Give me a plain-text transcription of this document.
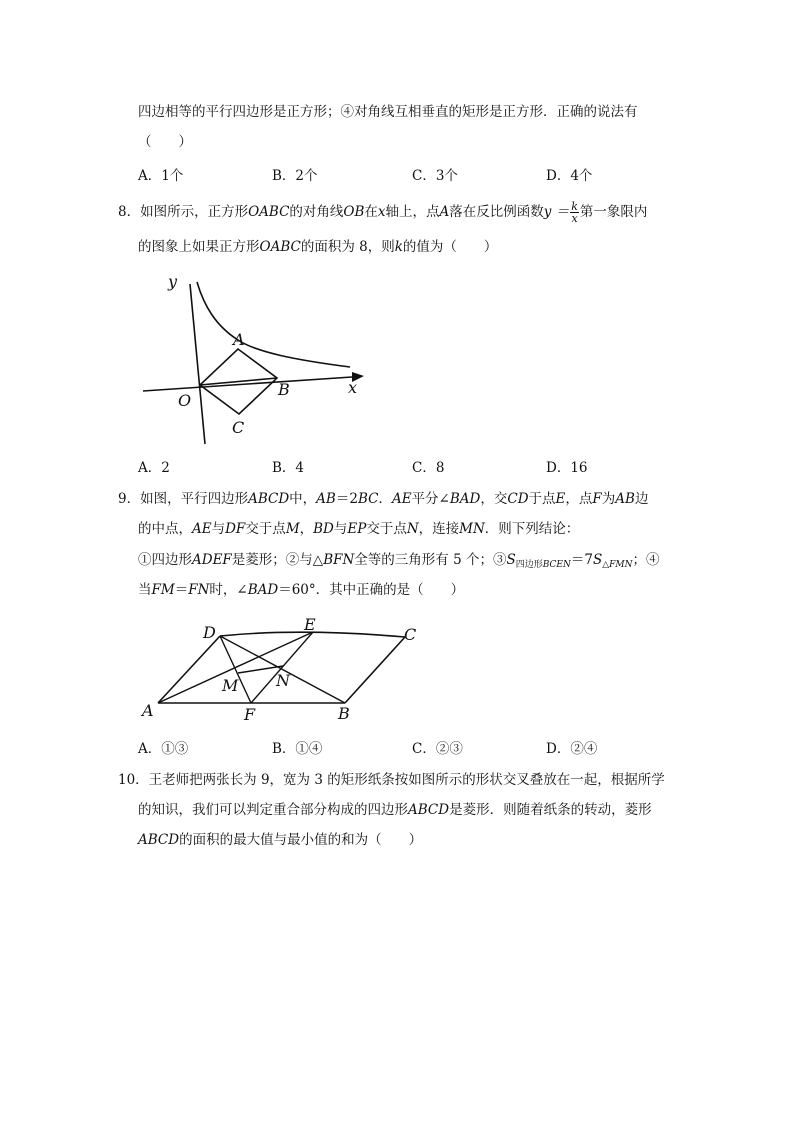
四边相等的平行四边形是正方形；④对角线互相垂直的矩形是正方形．正确的说法有
（　　）
A．1个	B．2个	C．3个	D．4个
8．如图所示，正方形OABC的对角线OB在x轴上，点A落在反比例函数$y = \frac{k}{x}$ 第一象限内
的图象上如果正方形OABC的面积为 8，则k的值为（　　）
y
x
O
A
B
C
A．2	B．4	C．8	D．16
9．如图，平行四边形ABCD中，AB＝2BC．AE平分∠BAD，交CD于点E，点F为AB边
的中点，AE与DF交于点M，BD与EP交于点N，连接MN．则下列结论：
①四边形ADEF是菱形；②与△BFN全等的三角形有 5 个；$③S_{四边形BCEN}=7S_{\triangle FMN}$；④
当FM＝FN时，∠BAD＝60°．其中正确的是（　　）
D	E
C
M N
A	F	B
A．①③	B．①④	C．②③	D．②④
10．王老师把两张长为 9，宽为 3 的矩形纸条按如图所示的形状交叉叠放在一起，根据所学
的知识，我们可以判定重合部分构成的四边形ABCD是菱形．则随着纸条的转动，菱形
ABCD的面积的最大值与最小值的和为（　　）
